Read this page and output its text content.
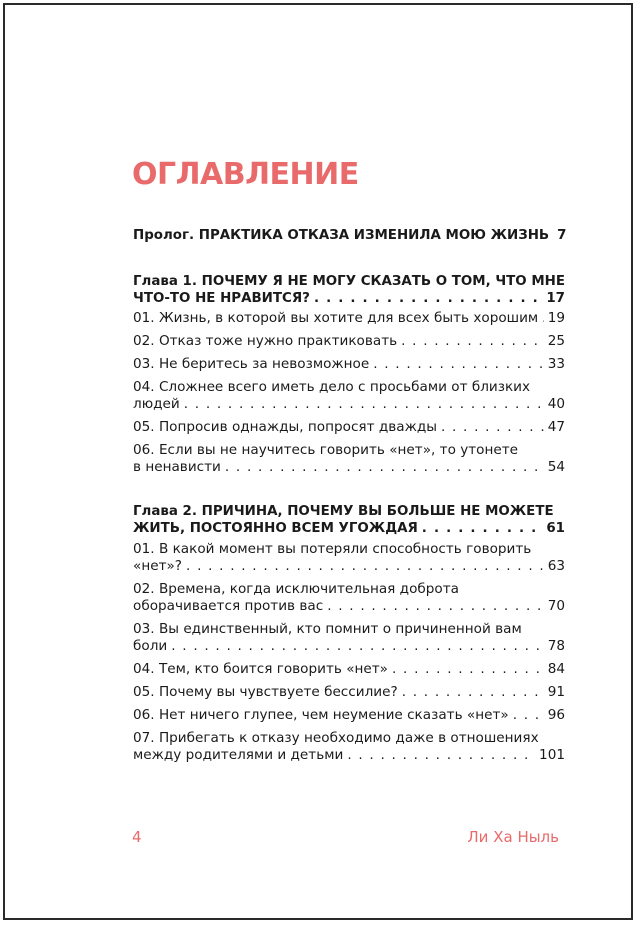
ОГЛАВЛЕНИЕ
Пролог. ПРАКТИКА ОТКАЗА ИЗМЕНИЛА МОЮ ЖИЗНЬ 7
Глава 1. ПОЧЕМУ Я НЕ МОГУ СКАЗАТЬ О ТОМ, ЧТО МНЕ
ЧТО-ТО НЕ НРАВИТСЯ? . . .	17
01. Жизнь, в которой вы хотите для всех быть хорошим . . . 19
02. Отказ тоже нужно практиковать . . .	25
03. Не беритесь за невозможное . . .	33
04. Сложнее всего иметь дело с просьбами от близких
людей . . .	40
05. Попросив однажды, попросят дважды . . .	47
06. Если вы не научитесь говорить «нет», то утонете
в ненависти . . .	54
Глава 2. ПРИЧИНА, ПОЧЕМУ ВЫ БОЛЬШЕ НЕ МОЖЕТЕ
ЖИТЬ, ПОСТОЯННО ВСЕМ УГОЖДАЯ . . .	61
01. В какой момент вы потеряли способность говорить
«нет»? . . .	63
02. Времена, когда исключительная доброта
оборачивается против вас . . .	70
03. Вы единственный, кто помнит о причиненной вам
боли . . .	78
04. Тем, кто боится говорить «нет» . . .	84
05. Почему вы чувствуете бессилие? . . .	91
06. Нет ничего глупее, чем неумение сказать «нет» . . .	96
07. Прибегать к отказу необходимо даже в отношениях
между родителями и детьми . . .	101
4	Ли Ха Ныль
